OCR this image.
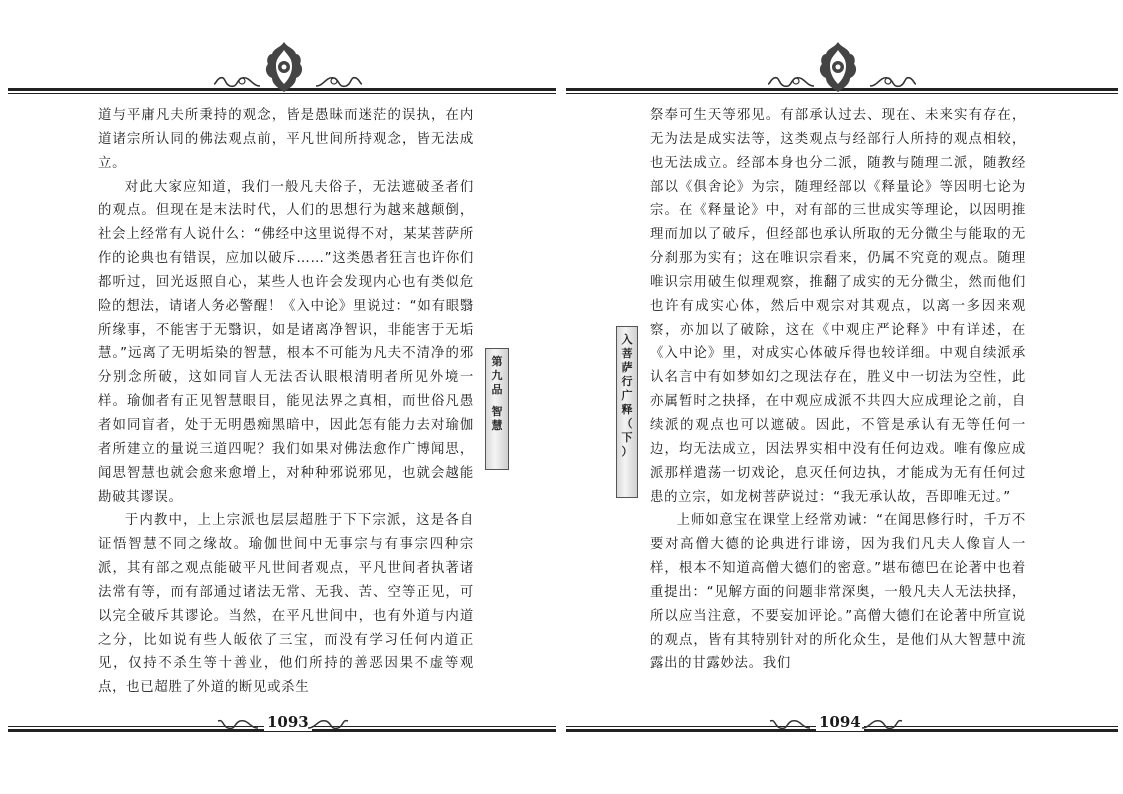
道与平庸凡夫所秉持的观念，皆是愚昧而迷茫的误执，在内道诸宗所认同的佛法观点前，平凡世间所持观念，皆无法成立。

对此大家应知道，我们一般凡夫俗子，无法遮破圣者们的观点。但现在是末法时代，人们的思想行为越来越颠倒，社会上经常有人说什么：“佛经中这里说得不对，某某菩萨所作的论典也有错误，应加以破斥……”这类愚者狂言也许你们都听过，回光返照自心，某些人也许会发现内心也有类似危险的想法，请诸人务必警醒！《入中论》里说过：“如有眼翳所缘事，不能害于无翳识，如是诸离净智识，非能害于无垢慧。”远离了无明垢染的智慧，根本不可能为凡夫不清净的邪分别念所破，这如同盲人无法否认眼根清明者所见外境一样。瑜伽者有正见智慧眼目，能见法界之真相，而世俗凡愚者如同盲者，处于无明愚痴黑暗中，因此怎有能力去对瑜伽者所建立的量说三道四呢？我们如果对佛法愈作广博闻思，闻思智慧也就会愈来愈增上，对种种邪说邪见，也就会越能勘破其谬误。

于内教中，上上宗派也层层超胜于下下宗派，这是各自证悟智慧不同之缘故。瑜伽世间中无事宗与有事宗四种宗派，其有部之观点能破平凡世间者观点，平凡世间者执著诸法常有等，而有部通过诸法无常、无我、苦、空等正见，可以完全破斥其谬论。当然，在平凡世间中，也有外道与内道之分，比如说有些人皈依了三宝，而没有学习任何内道正见，仅持不杀生等十善业，他们所持的善恶因果不虚等观点，也已超胜了外道的断见或杀生

第
九
品
智
慧
1093
入
菩
萨
行
广
释
（
下
）

祭奉可生天等邪见。有部承认过去、现在、未来实有存在，无为法是成实法等，这类观点与经部行人所持的观点相较，也无法成立。经部本身也分二派，随教与随理二派，随教经部以《俱舍论》为宗，随理经部以《释量论》等因明七论为宗。在《释量论》中，对有部的三世成实等理论，以因明推理而加以了破斥，但经部也承认所取的无分微尘与能取的无分刹那为实有；这在唯识宗看来，仍属不究竟的观点。随理唯识宗用破生似理观察，推翻了成实的无分微尘，然而他们也许有成实心体，然后中观宗对其观点，以离一多因来观察，亦加以了破除，这在《中观庄严论释》中有详述，在《入中论》里，对成实心体破斥得也较详细。中观自续派承认名言中有如梦如幻之现法存在，胜义中一切法为空性，此亦属暂时之抉择，在中观应成派不共四大应成理论之前，自续派的观点也可以遮破。因此，不管是承认有无等任何一边，均无法成立，因法界实相中没有任何边戏。唯有像应成派那样遣荡一切戏论，息灭任何边执，才能成为无有任何过患的立宗，如龙树菩萨说过：“我无承认故，吾即唯无过。”

上师如意宝在课堂上经常劝诫：“在闻思修行时，千万不要对高僧大德的论典进行诽谤，因为我们凡夫人像盲人一样，根本不知道高僧大德们的密意。”堪布德巴在论著中也着重提出：“见解方面的问题非常深奥，一般凡夫人无法抉择，所以应当注意，不要妄加评论。”高僧大德们在论著中所宣说的观点，皆有其特别针对的所化众生，是他们从大智慧中流露出的甘露妙法。我们

1094
